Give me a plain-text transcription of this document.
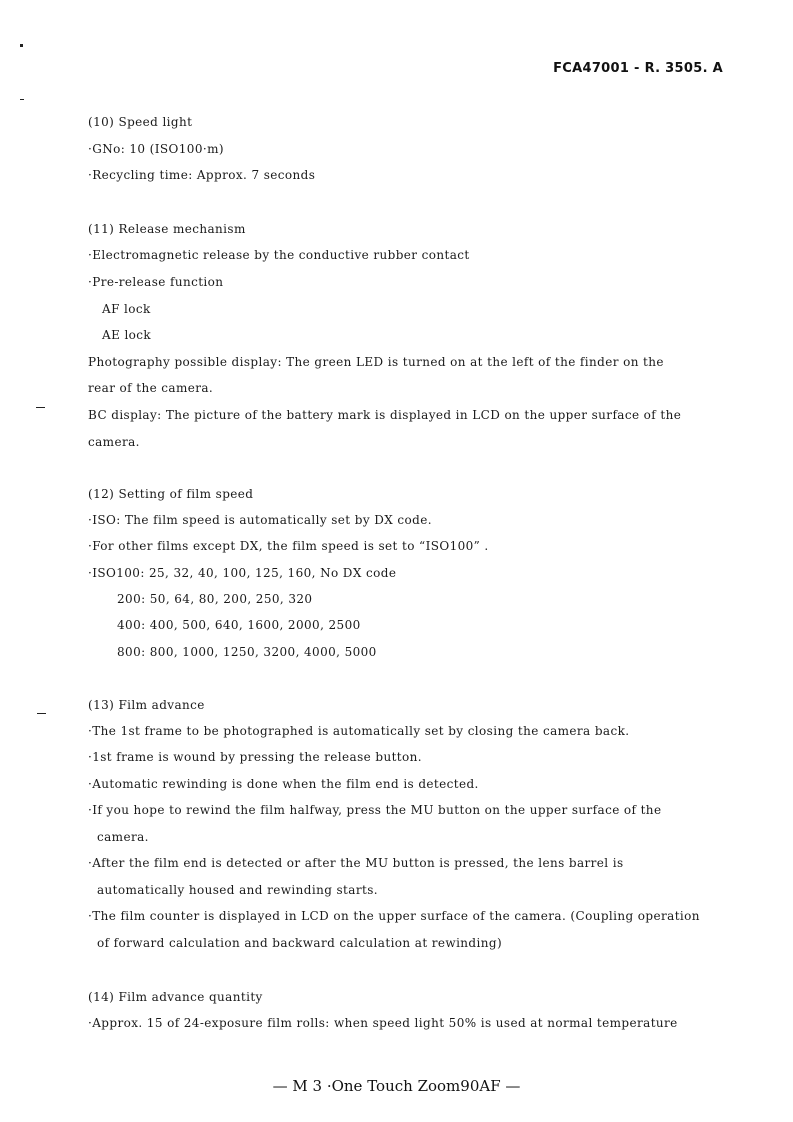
FCA47001 - R. 3505. A
(10) Speed light
·GNo: 10 (ISO100·m)
·Recycling time: Approx. 7 seconds
(11) Release mechanism
·Electromagnetic release by the conductive rubber contact
·Pre-release function
AF lock
AE lock
Photography possible display: The green LED is turned on at the left of the finder on the
rear of the camera.
BC display: The picture of the battery mark is displayed in LCD on the upper surface of the
camera.
(12) Setting of film speed
·ISO: The film speed is automatically set by DX code.
·For other films except DX, the film speed is set to “ISO100” .
·ISO100: 25, 32, 40, 100, 125, 160, No DX code
200: 50, 64, 80, 200, 250, 320
400: 400, 500, 640, 1600, 2000, 2500
800: 800, 1000, 1250, 3200, 4000, 5000
(13) Film advance
·The 1st frame to be photographed is automatically set by closing the camera back.
·1st frame is wound by pressing the release button.
·Automatic rewinding is done when the film end is detected.
·If you hope to rewind the film halfway, press the MU button on the upper surface of the
camera.
·After the film end is detected or after the MU button is pressed, the lens barrel is
automatically housed and rewinding starts.
·The film counter is displayed in LCD on the upper surface of the camera. (Coupling operation
of forward calculation and backward calculation at rewinding)
(14) Film advance quantity
·Approx. 15 of 24-exposure film rolls: when speed light 50% is used at normal temperature
— M 3 ·One Touch Zoom90AF —
